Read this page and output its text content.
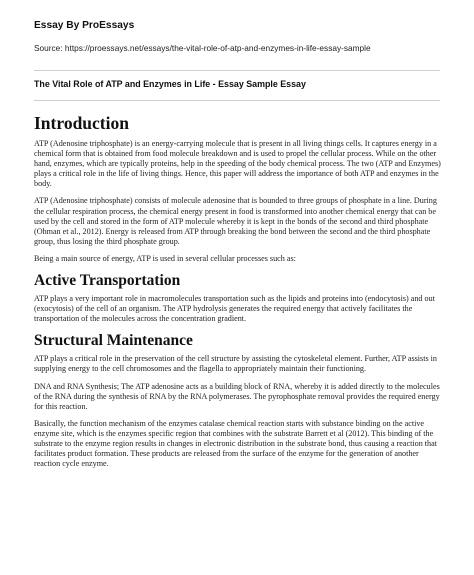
Essay By ProEssays
Source: https://proessays.net/essays/the-vital-role-of-atp-and-enzymes-in-life-essay-sample
The Vital Role of ATP and Enzymes in Life - Essay Sample Essay
Introduction

ATP (Adenosine triphosphate) is an energy-carrying molecule that is present in all living things cells. It captures energy in a chemical form that is obtained from food molecule breakdown and is used to propel the cellular process. While on the other hand, enzymes, which are typically proteins, help in the speeding of the body chemical process. The two (ATP and Enzymes) plays a critical role in the life of living things. Hence, this paper will address the importance of both ATP and enzymes in the body.

ATP (Adenosine triphosphate) consists of molecule adenosine that is bounded to three groups of phosphate in a line. During the cellular respiration process, the chemical energy present in food is transformed into another chemical energy that can be used by the cell and stored in the form of ATP molecule whereby it is kept in the bonds of the second and third phosphate (Ohman et al., 2012). Energy is released from ATP through breaking the bond between the second and the third phosphate group, thus losing the third phosphate group.

Being a main source of energy, ATP is used in several cellular processes such as:

Active Transportation

ATP plays a very important role in macromolecules transportation such as the lipids and proteins into (endocytosis) and out (exocytosis) of the cell of an organism. The ATP hydrolysis generates the required energy that actively facilitates the transportation of the molecules across the concentration gradient.

Structural Maintenance

ATP plays a critical role in the preservation of the cell structure by assisting the cytoskeletal element. Further, ATP assists in supplying energy to the cell chromosomes and the flagella to appropriately maintain their functioning.

DNA and RNA Synthesis; The ATP adenosine acts as a building block of RNA, whereby it is added directly to the molecules of the RNA during the synthesis of RNA by the RNA polymerases. The pyrophosphate removal provides the required energy for this reaction.

Basically, the function mechanism of the enzymes catalase chemical reaction starts with substance binding on the active enzyme site, which is the enzymes specific region that combines with the substrate Barrett et al (2012). This binding of the substrate to the enzyme region results in changes in electronic distribution in the substrate bond, thus causing a reaction that facilitates product formation. These products are released from the surface of the enzyme for the generation of another reaction cycle enzyme.
